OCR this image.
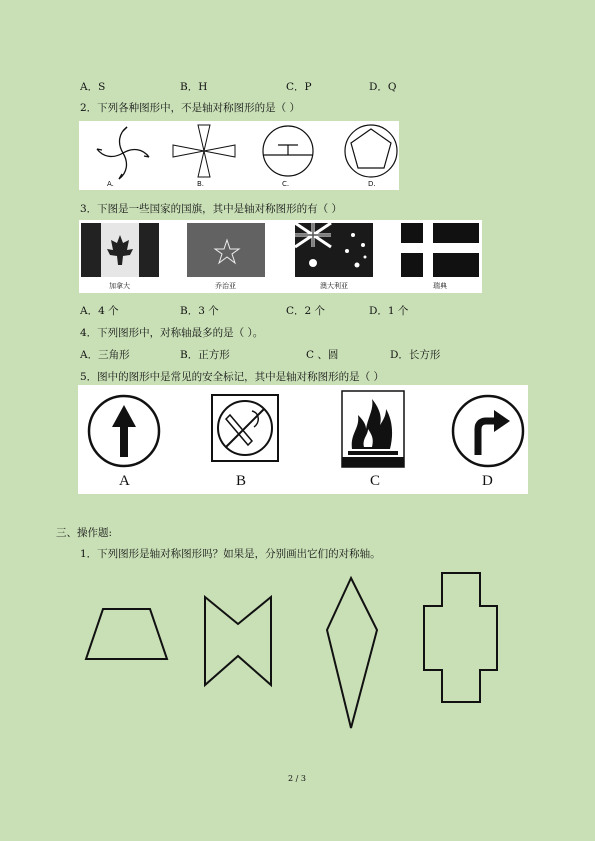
A．S	B．H	C．P	D．Q
2．下列各种图形中，不是轴对称图形的是（ ）
A.	B.	C.	D.
3．下图是一些国家的国旗，其中是轴对称图形的有（ ）
加拿大	乔治亚	澳大利亚	瑞典
A．4 个	B．3 个	C．2 个	D．1 个
4．下列图形中，对称轴最多的是（ ）。
A．三角形	B．正方形	C 、圆	D．长方形
5．图中的图形中是常见的安全标记，其中是轴对称图形的是（ ）
A	B	C	D
三、操作题:
1．下列图形是轴对称图形吗？如果是，分别画出它们的对称轴。
2 / 3
